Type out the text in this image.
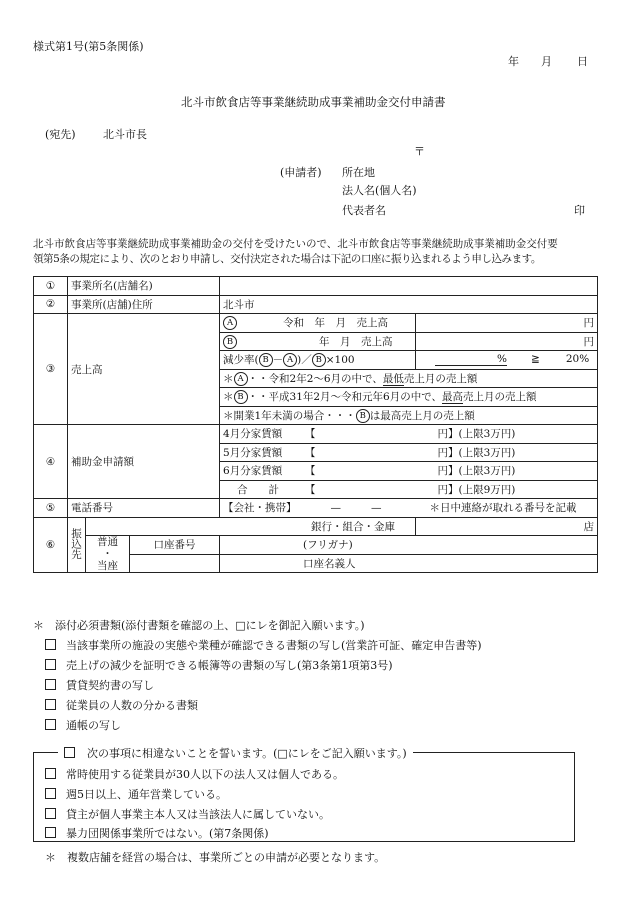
様式第1号(第5条関係)
年 月 日
北斗市飲食店等事業継続助成事業補助金交付申請書
(宛先) 北斗市長
〒
(申請者) 所在地
法人名(個人名)
代表者名	印
北斗市飲食店等事業継続助成事業補助金の交付を受けたいので、北斗市飲食店等事業継続助成事業補助金交付要
領第5条の規定により、次のとおり申請し、交付決定された場合は下記の口座に振り込まれるよう申し込みます。
①	事業所名(店舗名)				
②	事業所(店舗)住所			北斗市	
③	売上高			A 令和　年　月　売上高	円
				B 年　月　売上高	円
				減少率( B － A )／ B ×100	% ≧ 20%
				＊ A ・・令和2年2～6月の中で、最低売上月の売上額	
				＊ B ・・平成31年2月～令和元年6月の中で、最高売上月の売上額	
				＊開業1年未満の場合・・・ B は最高売上月の売上額	
④	補助金申請額			4月分家賃額 【 円】(上限3万円)	
				5月分家賃額 【 円】(上限3万円)	
				6月分家賃額 【 円】(上限3万円)	
				合　　計 【 円】(上限9万円)	
⑤	電話番号			【会社・携帯】 — — ＊日中連絡が取れる番号を記載	
⑥	振込先	銀行・組合・金庫			店
		普通
・
当座	口座番号	(フリガナ)	
				口座名義人	
＊　添付必須書類(添付書類を確認の上、□にレを御記入願います。)
当該事業所の施設の実態や業種が確認できる書類の写し(営業許可証、確定申告書等)
売上げの減少を証明できる帳簿等の書類の写し(第3条第1項第3号)
賃貸契約書の写し
従業員の人数の分かる書類
通帳の写し
次の事項に相違ないことを誓います。(□にレをご記入願います。)
常時使用する従業員が30人以下の法人又は個人である。
週5日以上、通年営業している。
貸主が個人事業主本人又は当該法人に属していない。
暴力団関係事業所ではない。(第7条関係)
＊　複数店舗を経営の場合は、事業所ごとの申請が必要となります。
